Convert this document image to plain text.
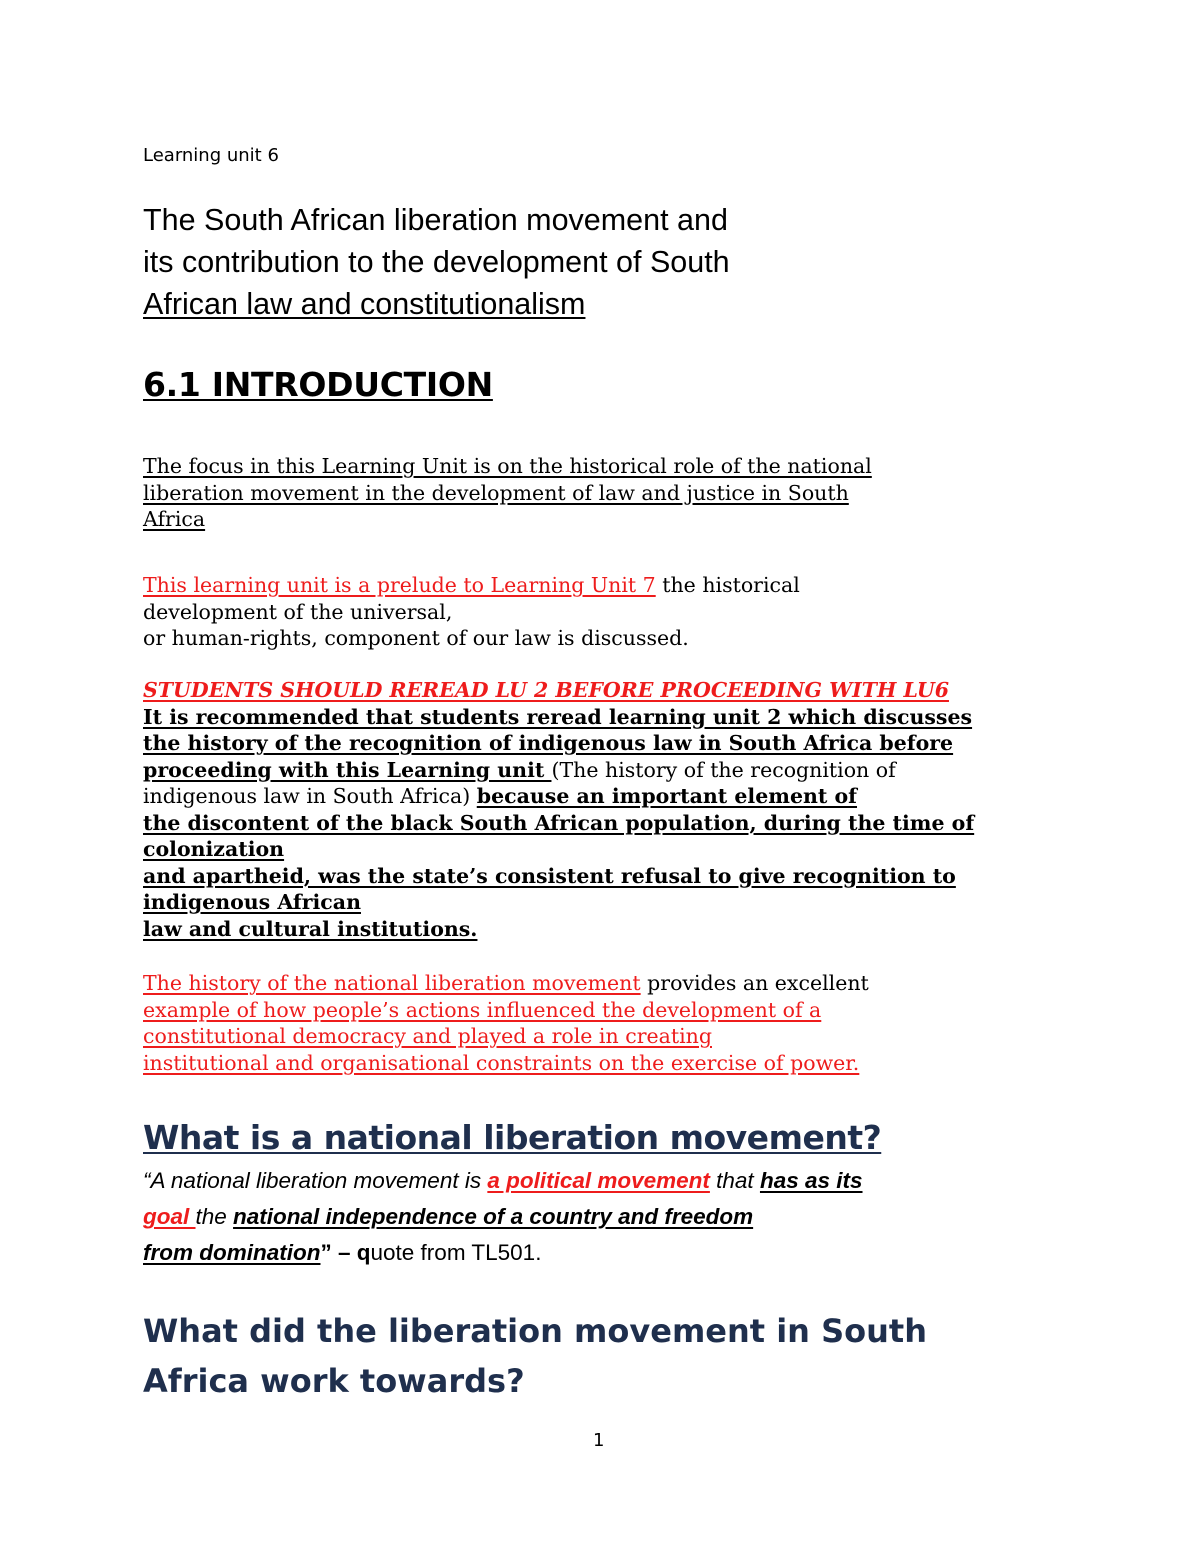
Learning unit 6
The South African liberation movement and
its contribution to the development of South
African law and constitutionalism
6.1 INTRODUCTION
The focus in this Learning Unit is on the historical role of the national
liberation movement in the development of law and justice in South
Africa
This learning unit is a prelude to Learning Unit 7 the historical
development of the universal,
or human-rights, component of our law is discussed.
STUDENTS SHOULD REREAD LU 2 BEFORE PROCEEDING WITH LU6
It is recommended that students reread learning unit 2 which discusses
the history of the recognition of indigenous law in South Africa before
proceeding with this Learning unit (The history of the recognition of
indigenous law in South Africa) because an important element of
the discontent of the black South African population, during the time of
colonization
and apartheid, was the state’s consistent refusal to give recognition to
indigenous African
law and cultural institutions.
The history of the national liberation movement provides an excellent
example of how people’s actions influenced the development of a
constitutional democracy and played a role in creating
institutional and organisational constraints on the exercise of power.
What is a national liberation movement?
“A national liberation movement is a political movement that has as its
goal the national independence of a country and freedom
from domination” – quote from TL501.
What did the liberation movement in South
Africa work towards?
1
